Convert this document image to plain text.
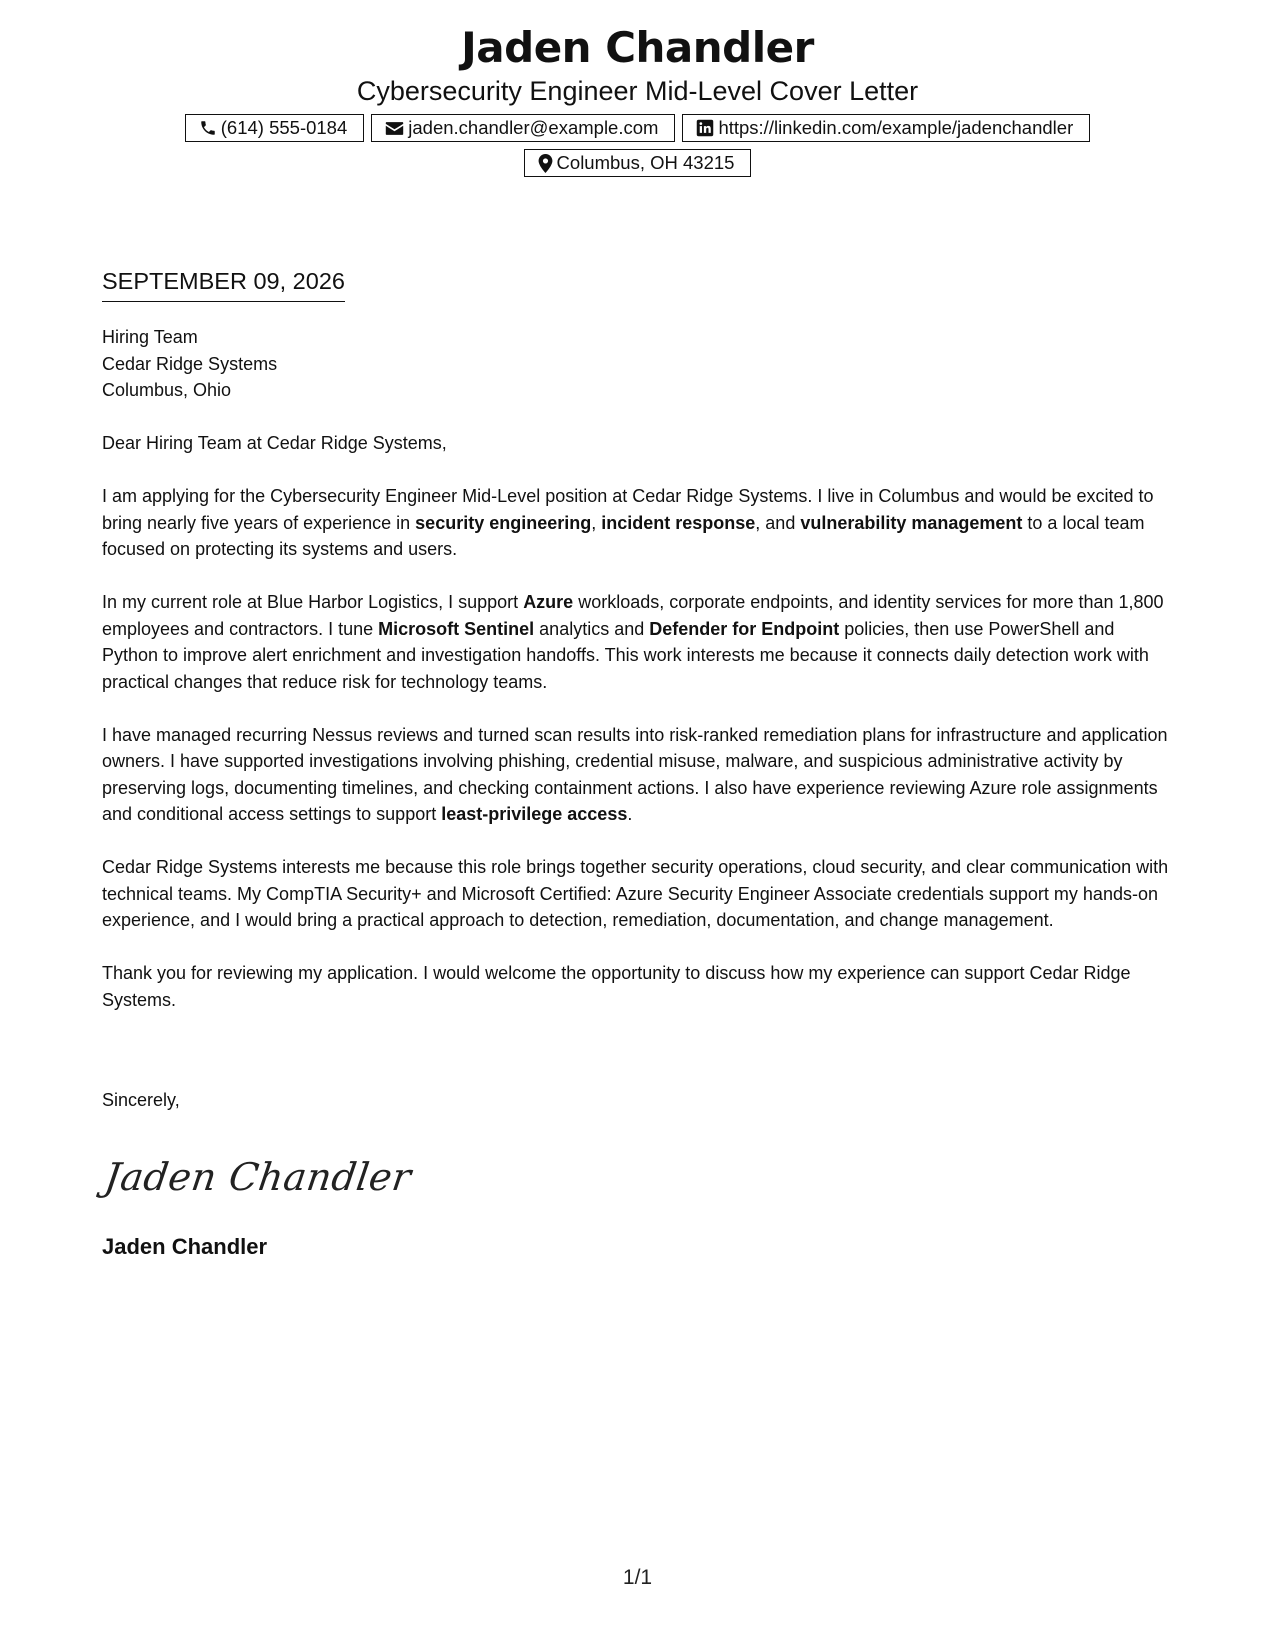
Jaden Chandler
Cybersecurity Engineer Mid-Level Cover Letter
(614) 555-0184	jaden.chandler@example.com	https://linkedin.com/example/jadenchandler
Columbus, OH 43215
SEPTEMBER 09, 2026

Hiring Team

Cedar Ridge Systems

Columbus, Ohio

Dear Hiring Team at Cedar Ridge Systems,

I am applying for the Cybersecurity Engineer Mid-Level position at Cedar Ridge Systems. I live in Columbus and would be excited to bring nearly five years of experience in security engineering, incident response, and vulnerability management to a local team focused on protecting its systems and users.

In my current role at Blue Harbor Logistics, I support Azure workloads, corporate endpoints, and identity services for more than 1,800 employees and contractors. I tune Microsoft Sentinel analytics and Defender for Endpoint policies, then use PowerShell and Python to improve alert enrichment and investigation handoffs. This work interests me because it connects daily detection work with practical changes that reduce risk for technology teams.

I have managed recurring Nessus reviews and turned scan results into risk-ranked remediation plans for infrastructure and application owners. I have supported investigations involving phishing, credential misuse, malware, and suspicious administrative activity by preserving logs, documenting timelines, and checking containment actions. I also have experience reviewing Azure role assignments and conditional access settings to support least-privilege access.

Cedar Ridge Systems interests me because this role brings together security operations, cloud security, and clear communication with technical teams. My CompTIA Security+ and Microsoft Certified: Azure Security Engineer Associate credentials support my hands-on experience, and I would bring a practical approach to detection, remediation, documentation, and change management.

Thank you for reviewing my application. I would welcome the opportunity to discuss how my experience can support Cedar Ridge Systems.

Sincerely,
Jaden Chandler
Jaden Chandler
1/1
